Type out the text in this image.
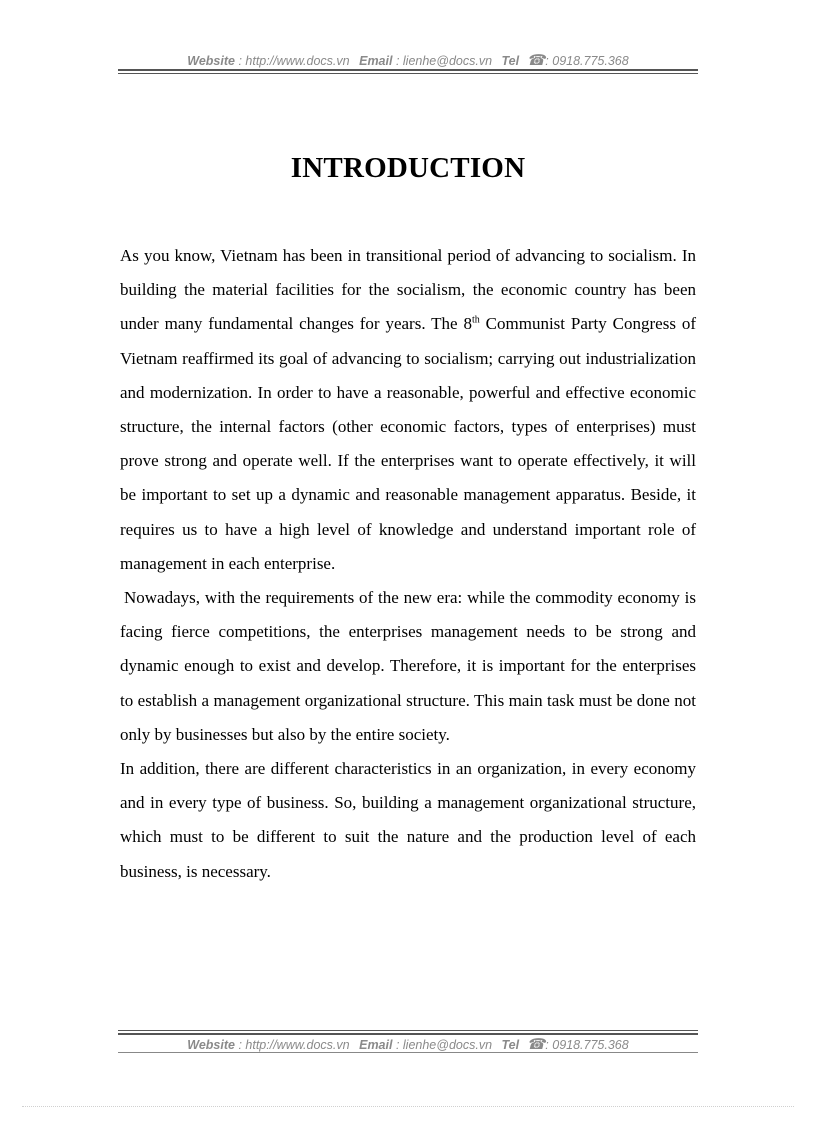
Website : http://www.docs.vn Email : lienhe@docs.vn Tel ☎: 0918.775.368
INTRODUCTION

As you know, Vietnam has been in transitional period of advancing to socialism. In building the material facilities for the socialism, the economic country has been under many fundamental changes for years. The 8th Communist Party Congress of Vietnam reaffirmed its goal of advancing to socialism; carrying out industrialization and modernization. In order to have a reasonable, powerful and effective economic structure, the internal factors (other economic factors, types of enterprises) must prove strong and operate well. If the enterprises want to operate effectively, it will be important to set up a dynamic and reasonable management apparatus. Beside, it requires us to have a high level of knowledge and understand important role of management in each enterprise.

Nowadays, with the requirements of the new era: while the commodity economy is facing fierce competitions, the enterprises management needs to be strong and dynamic enough to exist and develop. Therefore, it is important for the enterprises to establish a management organizational structure. This main task must be done not only by businesses but also by the entire society.

In addition, there are different characteristics in an organization, in every economy and in every type of business. So, building a management organizational structure, which must to be different to suit the nature and the production level of each business, is necessary.

Website : http://www.docs.vn Email : lienhe@docs.vn Tel ☎: 0918.775.368
